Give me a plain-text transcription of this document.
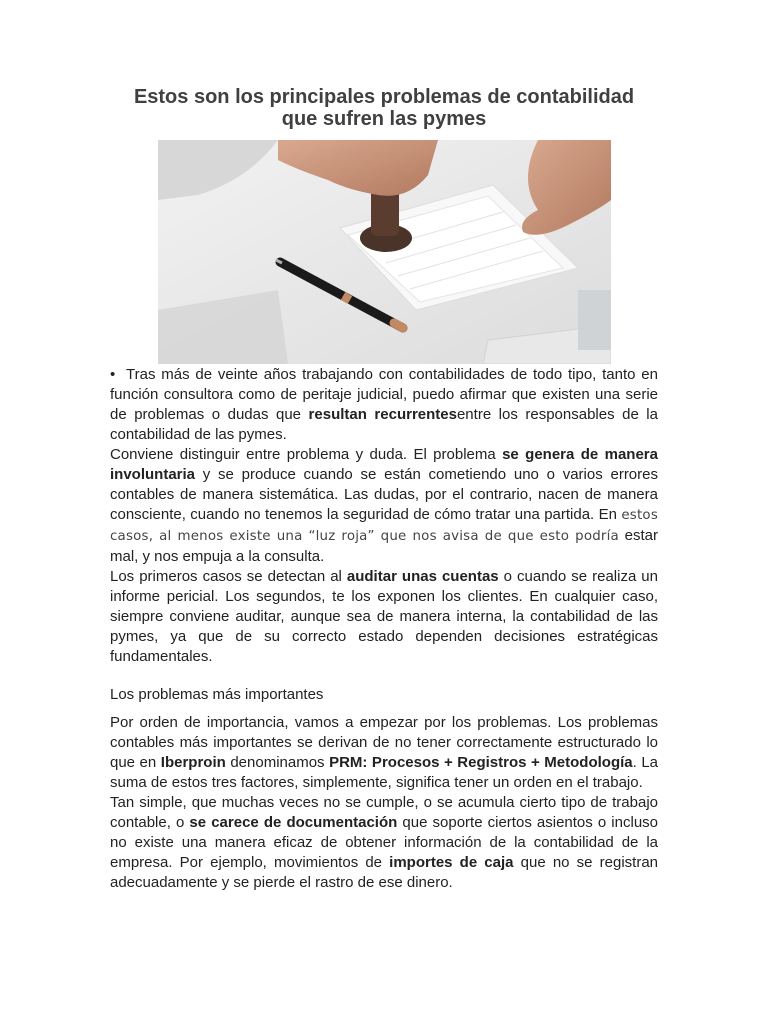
Estos son los principales problemas de contabilidad
que sufren las pymes

• Tras más de veinte años trabajando con contabilidades de todo tipo, tanto en función consultora como de peritaje judicial, puedo afirmar que existen una serie de problemas o dudas que resultan recurrentesentre los responsables de la contabilidad de las pymes.

Conviene distinguir entre problema y duda. El problema se genera de manera involuntaria y se produce cuando se están cometiendo uno o varios errores contables de manera sistemática. Las dudas, por el contrario, nacen de manera consciente, cuando no tenemos la seguridad de cómo tratar una partida. En estos casos, al menos existe una “luz roja” que nos avisa de que esto podría estar mal, y nos empuja a la consulta.

Los primeros casos se detectan al auditar unas cuentas o cuando se realiza un informe pericial. Los segundos, te los exponen los clientes. En cualquier caso, siempre conviene auditar, aunque sea de manera interna, la contabilidad de las pymes, ya que de su correcto estado dependen decisiones estratégicas fundamentales.

Los problemas más importantes

Por orden de importancia, vamos a empezar por los problemas. Los problemas contables más importantes se derivan de no tener correctamente estructurado lo que en Iberproin denominamos PRM: Procesos + Registros + Metodología. La suma de estos tres factores, simplemente, significa tener un orden en el trabajo.

Tan simple, que muchas veces no se cumple, o se acumula cierto tipo de trabajo contable, o se carece de documentación que soporte ciertos asientos o incluso no existe una manera eficaz de obtener información de la contabilidad de la empresa. Por ejemplo, movimientos de importes de caja que no se registran adecuadamente y se pierde el rastro de ese dinero.
